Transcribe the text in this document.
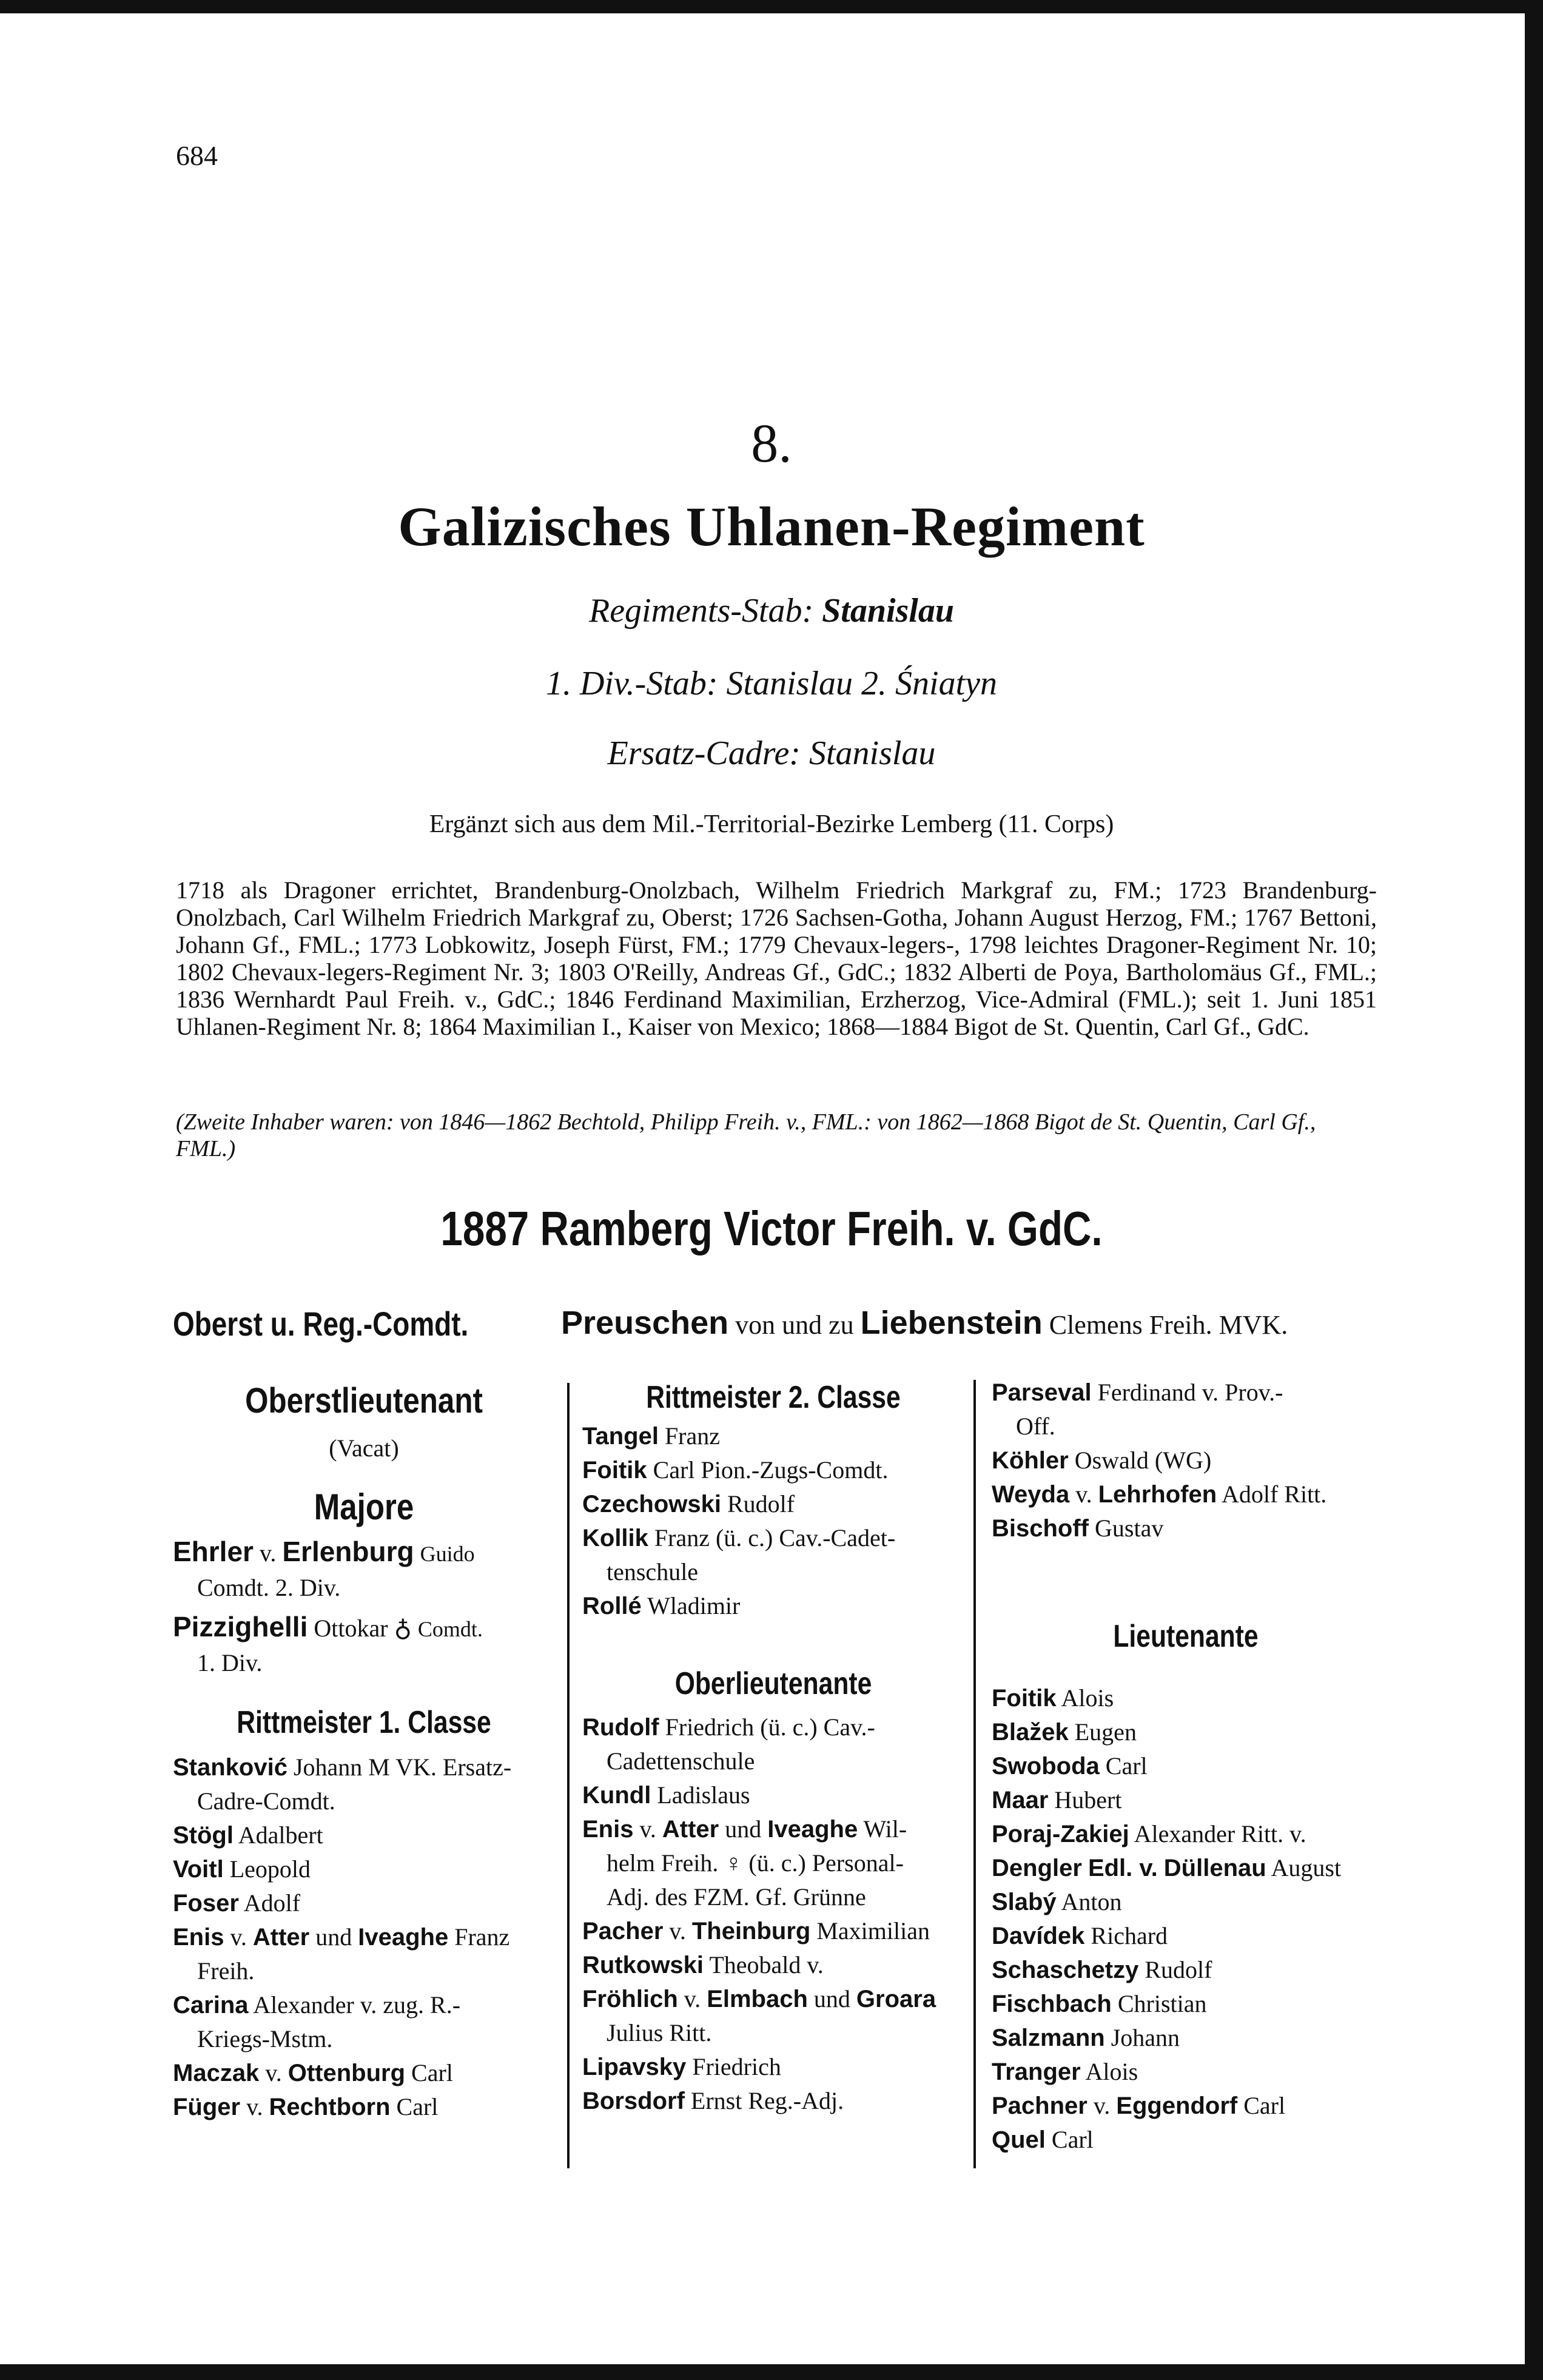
684
8.
Galizisches Uhlanen-Regiment
Regiments-Stab: Stanislau
1. Div.-Stab: Stanislau 2. Śniatyn
Ersatz-Cadre: Stanislau
Ergänzt sich aus dem Mil.-Territorial-Bezirke Lemberg (11. Corps)
1718 als Dragoner errichtet, Brandenburg-Onolzbach, Wilhelm Friedrich Markgraf zu, FM.; 1723 Brandenburg-Onolzbach, Carl Wilhelm Friedrich Markgraf zu, Oberst; 1726 Sachsen-Gotha, Johann August Herzog, FM.; 1767 Bettoni, Johann Gf., FML.; 1773 Lobkowitz, Joseph Fürst, FM.; 1779 Chevaux-legers-, 1798 leichtes Dragoner-Regiment Nr. 10; 1802 Chevaux-legers-Regiment Nr. 3; 1803 O'Reilly, Andreas Gf., GdC.; 1832 Alberti de Poya, Bartholomäus Gf., FML.; 1836 Wernhardt Paul Freih. v., GdC.; 1846 Ferdinand Maximilian, Erzherzog, Vice-Admiral (FML.); seit 1. Juni 1851 Uhlanen-Regiment Nr. 8; 1864 Maximilian I., Kaiser von Mexico; 1868—1884 Bigot de St. Quentin, Carl Gf., GdC.
(Zweite Inhaber waren: von 1846—1862 Bechtold, Philipp Freih. v., FML.: von 1862—1868 Bigot de St. Quentin, Carl Gf., FML.)
1887 Ramberg Victor Freih. v. GdC.
Oberst u. Reg.-Comdt.	Preuschen von und zu Liebenstein Clemens Freih. MVK.
Oberstlieutenant
(Vacat)
Majore
Ehrler v. Erlenburg Guido
Comdt. 2. Div.
Pizzighelli Ottokar ♁ Comdt.
1. Div.
Rittmeister 1. Classe
Stanković Johann M VK. Ersatz-
Cadre-Comdt.
Stögl Adalbert
Voitl Leopold
Foser Adolf
Enis v. Atter und Iveaghe Franz
Freih.
Carina Alexander v. zug. R.-
Kriegs-Mstm.
Maczak v. Ottenburg Carl
Füger v. Rechtborn Carl
Rittmeister 2. Classe
Tangel Franz
Foitik Carl Pion.-Zugs-Comdt.
Czechowski Rudolf
Kollik Franz (ü. c.) Cav.-Cadet-
tenschule
Rollé Wladimir
Oberlieutenante
Rudolf Friedrich (ü. c.) Cav.-
Cadettenschule
Kundl Ladislaus
Enis v. Atter und Iveaghe Wil-
helm Freih. ♀ (ü. c.) Personal-
Adj. des FZM. Gf. Grünne
Pacher v. Theinburg Maximilian
Rutkowski Theobald v.
Fröhlich v. Elmbach und Groara
Julius Ritt.
Lipavsky Friedrich
Borsdorf Ernst Reg.-Adj.
Parseval Ferdinand v. Prov.-
Off.
Köhler Oswald (WG)
Weyda v. Lehrhofen Adolf Ritt.
Bischoff Gustav
Lieutenante
Foitik Alois
Blažek Eugen
Swoboda Carl
Maar Hubert
Poraj-Zakiej Alexander Ritt. v.
Dengler Edl. v. Düllenau August
Slabý Anton
Davídek Richard
Schaschetzy Rudolf
Fischbach Christian
Salzmann Johann
Tranger Alois
Pachner v. Eggendorf Carl
Quel Carl
